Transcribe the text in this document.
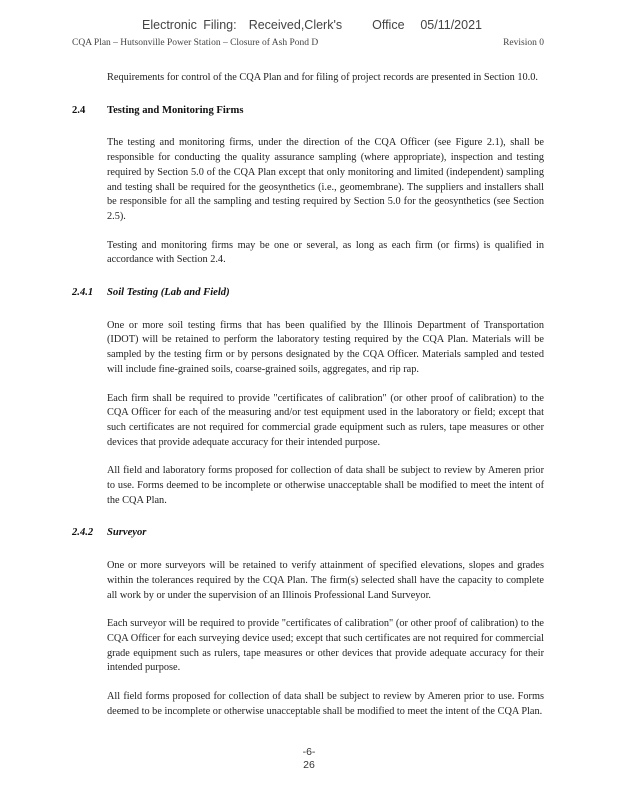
Electronic Filing: Received,Clerk's	Office	05/11/2021
CQA Plan – Hutsonville Power Station – Closure of Ash Pond D	Revision 0

Requirements for control of the CQA Plan and for filing of project records are presented in Section 10.0.

2.4	Testing and Monitoring Firms

The testing and monitoring firms, under the direction of the CQA Officer (see Figure 2.1), shall be responsible for conducting the quality assurance sampling (where appropriate), inspection and testing required by Section 5.0 of the CQA Plan except that only monitoring and limited (independent) sampling and testing shall be required for the geosynthetics (i.e., geomembrane). The suppliers and installers shall be responsible for all the sampling and testing required by Section 5.0 for the geosynthetics (see Section 2.5).

Testing and monitoring firms may be one or several, as long as each firm (or firms) is qualified in accordance with Section 2.4.

2.4.1	Soil Testing (Lab and Field)

One or more soil testing firms that has been qualified by the Illinois Department of Transportation (IDOT) will be retained to perform the laboratory testing required by the CQA Plan. Materials will be sampled by the testing firm or by persons designated by the CQA Officer. Materials sampled and tested will include fine-grained soils, coarse-grained soils, aggregates, and rip rap.

Each firm shall be required to provide "certificates of calibration" (or other proof of calibration) to the CQA Officer for each of the measuring and/or test equipment used in the laboratory or field; except that such certificates are not required for commercial grade equipment such as rulers, tape measures or other devices that provide adequate accuracy for their intended purpose.

All field and laboratory forms proposed for collection of data shall be subject to review by Ameren prior to use. Forms deemed to be incomplete or otherwise unacceptable shall be modified to meet the intent of the CQA Plan.

2.4.2	Surveyor

One or more surveyors will be retained to verify attainment of specified elevations, slopes and grades within the tolerances required by the CQA Plan. The firm(s) selected shall have the capacity to complete all work by or under the supervision of an Illinois Professional Land Surveyor.

Each surveyor will be required to provide "certificates of calibration" (or other proof of calibration) to the CQA Officer for each surveying device used; except that such certificates are not required for commercial grade equipment such as rulers, tape measures or other devices that provide adequate accuracy for their intended purpose.

All field forms proposed for collection of data shall be subject to review by Ameren prior to use. Forms deemed to be incomplete or otherwise unacceptable shall be modified to meet the intent of the CQA Plan.

-6-
26
